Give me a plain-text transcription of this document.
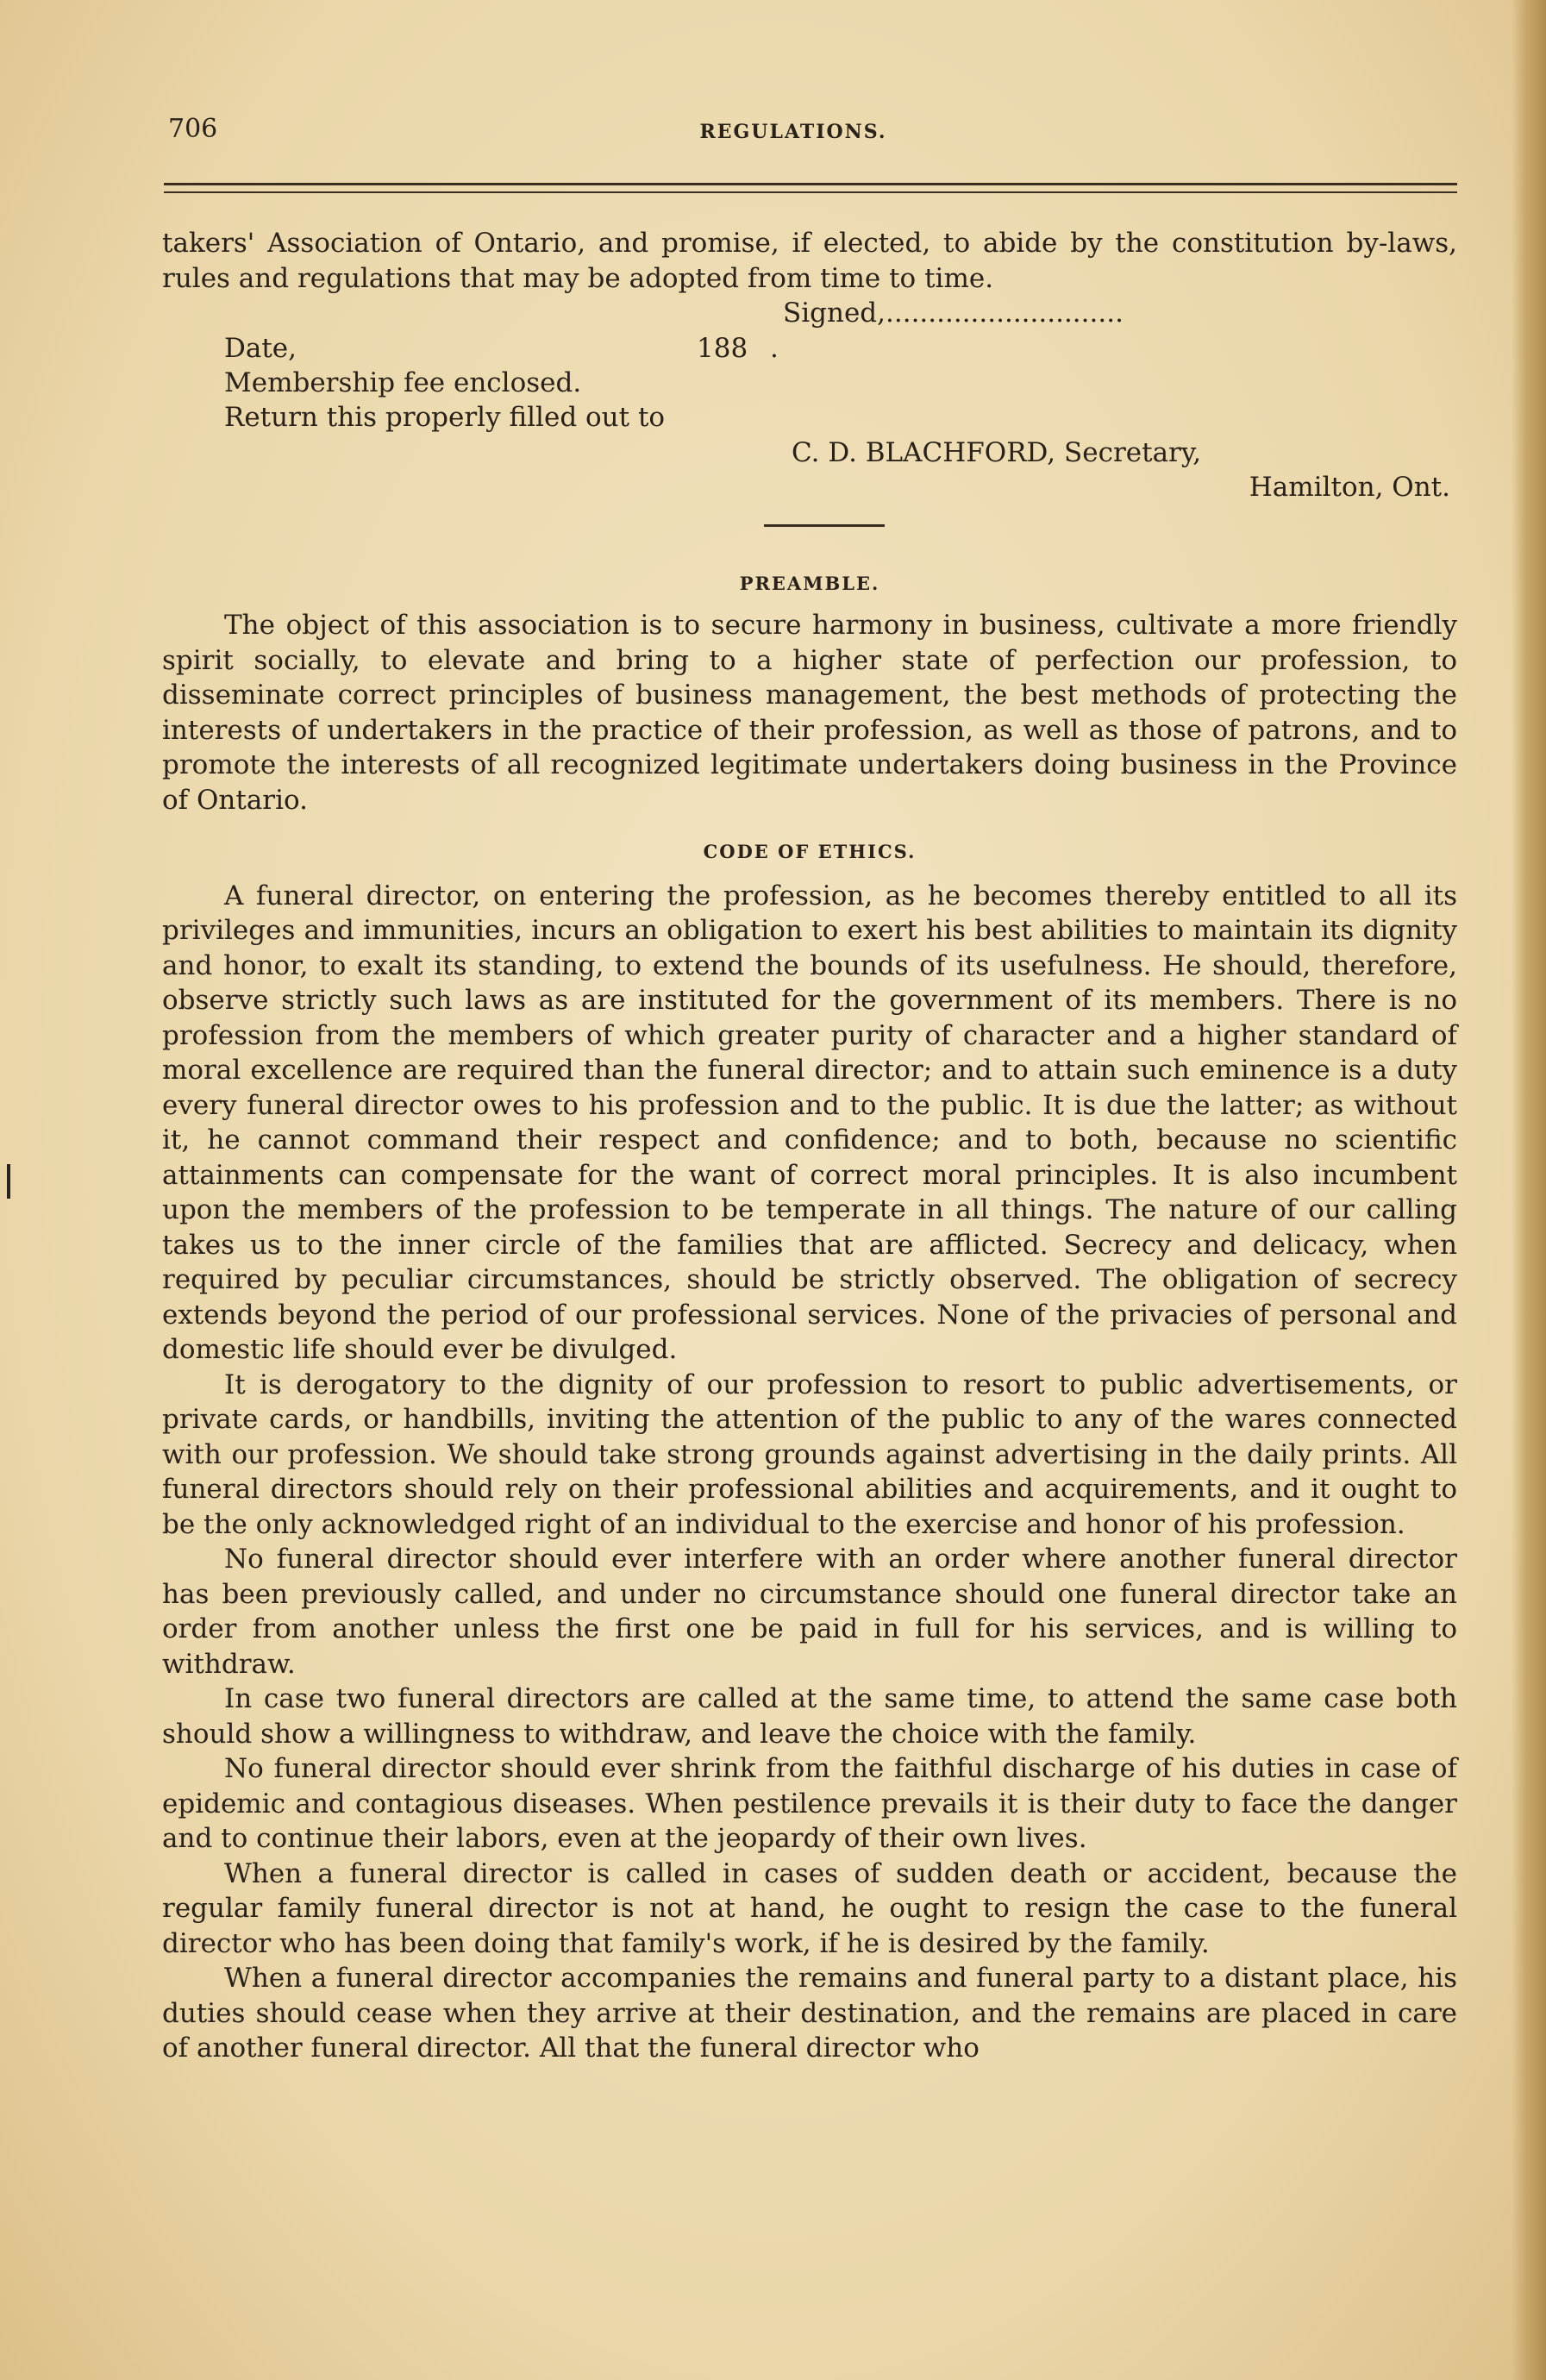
706	REGULATIONS.

takers' Association of Ontario, and promise, if elected, to abide by the constitution by-laws, rules and regulations that may be adopted from time to time.

Signed,............................

Date,	188 .

Membership fee enclosed.

Return this properly filled out to

C. D. BLACHFORD, Secretary,

Hamilton, Ont.

PREAMBLE.

The object of this association is to secure harmony in business, cultivate a more friendly spirit socially, to elevate and bring to a higher state of perfection our profession, to disseminate correct principles of business management, the best methods of protecting the interests of undertakers in the practice of their profession, as well as those of patrons, and to promote the interests of all recognized legitimate undertakers doing business in the Province of Ontario.

CODE OF ETHICS.

A funeral director, on entering the profession, as he becomes thereby entitled to all its privileges and immunities, incurs an obligation to exert his best abilities to maintain its dignity and honor, to exalt its standing, to extend the bounds of its usefulness. He should, therefore, observe strictly such laws as are instituted for the government of its members. There is no profession from the members of which greater purity of character and a higher standard of moral excellence are required than the funeral director; and to attain such eminence is a duty every funeral director owes to his profession and to the public. It is due the latter; as without it, he cannot command their respect and confidence; and to both, because no scientific attainments can compensate for the want of correct moral principles. It is also incumbent upon the members of the profession to be temperate in all things. The nature of our calling takes us to the inner circle of the families that are afflicted. Secrecy and delicacy, when required by peculiar circumstances, should be strictly observed. The obligation of secrecy extends beyond the period of our professional services. None of the privacies of personal and domestic life should ever be divulged.

It is derogatory to the dignity of our profession to resort to public advertisements, or private cards, or handbills, inviting the attention of the public to any of the wares connected with our profession. We should take strong grounds against advertising in the daily prints. All funeral directors should rely on their professional abilities and acquirements, and it ought to be the only acknowledged right of an individual to the exercise and honor of his profession.

No funeral director should ever interfere with an order where another funeral director has been previously called, and under no circumstance should one funeral director take an order from another unless the first one be paid in full for his services, and is willing to withdraw.

In case two funeral directors are called at the same time, to attend the same case both should show a willingness to withdraw, and leave the choice with the family.

No funeral director should ever shrink from the faithful discharge of his duties in case of epidemic and contagious diseases. When pestilence prevails it is their duty to face the danger and to continue their labors, even at the jeopardy of their own lives.

When a funeral director is called in cases of sudden death or accident, because the regular family funeral director is not at hand, he ought to resign the case to the funeral director who has been doing that family's work, if he is desired by the family.

When a funeral director accompanies the remains and funeral party to a distant place, his duties should cease when they arrive at their destination, and the remains are placed in care of another funeral director. All that the funeral director who
